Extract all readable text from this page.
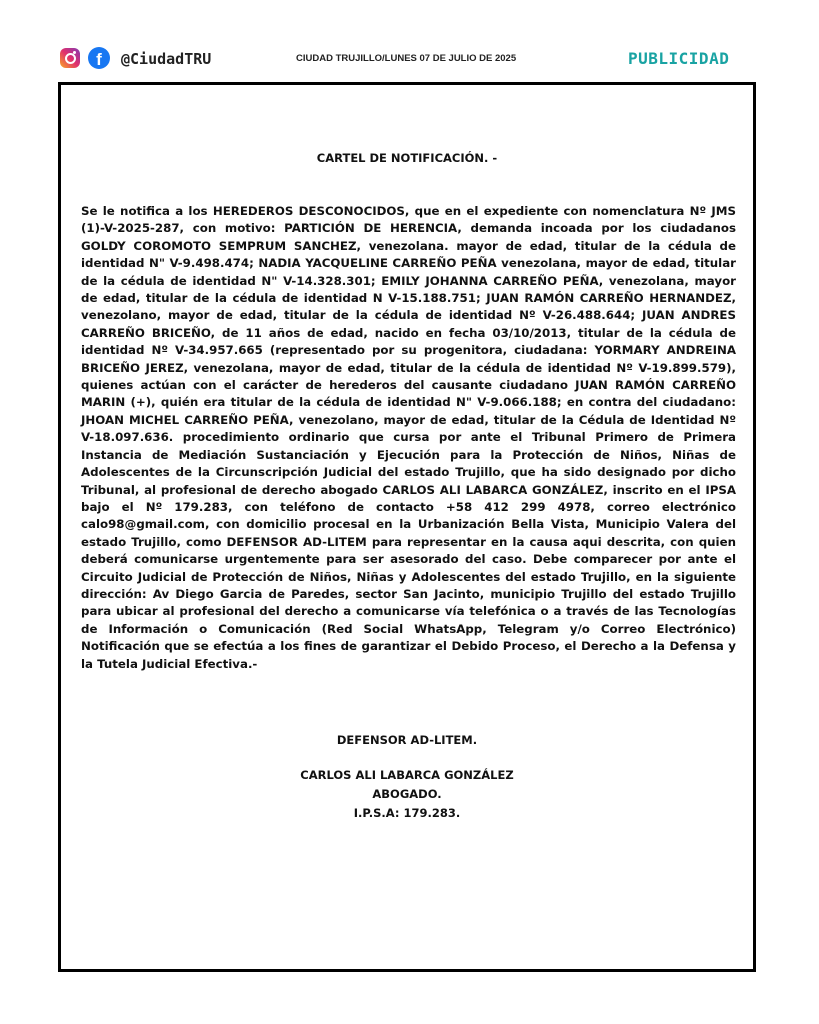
f	@CiudadTRU	CIUDAD TRUJILLO/LUNES 07 DE JULIO DE 2025	PUBLICIDAD
CARTEL DE NOTIFICACIÓN. -

Se le notifica a los HEREDEROS DESCONOCIDOS, que en el expediente con nomenclatura Nº JMS (1)-V-2025-287, con motivo: PARTICIÓN DE HERENCIA, demanda incoada por los ciudadanos GOLDY COROMOTO SEMPRUM SANCHEZ, venezolana. mayor de edad, titular de la cédula de identidad N" V-9.498.474; NADIA YACQUELINE CARREÑO PEÑA venezolana, mayor de edad, titular de la cédula de identidad N" V-14.328.301; EMILY JOHANNA CARREÑO PEÑA, venezolana, mayor de edad, titular de la cédula de identidad N V-15.188.751; JUAN RAMÓN CARREÑO HERNANDEZ, venezolano, mayor de edad, titular de la cédula de identidad Nº V-26.488.644; JUAN ANDRES CARREÑO BRICEÑO, de 11 años de edad, nacido en fecha 03/10/2013, titular de la cédula de identidad Nº V-34.957.665 (representado por su progenitora, ciudadana: YORMARY ANDREINA BRICEÑO JEREZ, venezolana, mayor de edad, titular de la cédula de identidad Nº V-19.899.579), quienes actúan con el carácter de herederos del causante ciudadano JUAN RAMÓN CARREÑO MARIN (+), quién era titular de la cédula de identidad N" V-9.066.188; en contra del ciudadano: JHOAN MICHEL CARREÑO PEÑA, venezolano, mayor de edad, titular de la Cédula de Identidad Nº V-18.097.636. procedimiento ordinario que cursa por ante el Tribunal Primero de Primera Instancia de Mediación Sustanciación y Ejecución para la Protección de Niños, Niñas de Adolescentes de la Circunscripción Judicial del estado Trujillo, que ha sido designado por dicho Tribunal, al profesional de derecho abogado CARLOS ALI LABARCA GONZÁLEZ, inscrito en el IPSA bajo el Nº 179.283, con teléfono de contacto +58 412 299 4978, correo electrónico calo98@gmail.com, con domicilio procesal en la Urbanización Bella Vista, Municipio Valera del estado Trujillo, como DEFENSOR AD-LITEM para representar en la causa aqui descrita, con quien deberá comunicarse urgentemente para ser asesorado del caso. Debe comparecer por ante el Circuito Judicial de Protección de Niños, Niñas y Adolescentes del estado Trujillo, en la siguiente dirección: Av Diego Garcia de Paredes, sector San Jacinto, municipio Trujillo del estado Trujillo para ubicar al profesional del derecho a comunicarse vía telefónica o a través de las Tecnologías de Información o Comunicación (Red Social WhatsApp, Telegram y/o Correo Electrónico) Notificación que se efectúa a los fines de garantizar el Debido Proceso, el Derecho a la Defensa y la Tutela Judicial Efectiva.-

DEFENSOR AD-LITEM.
CARLOS ALI LABARCA GONZÁLEZ
ABOGADO.
I.P.S.A: 179.283.
